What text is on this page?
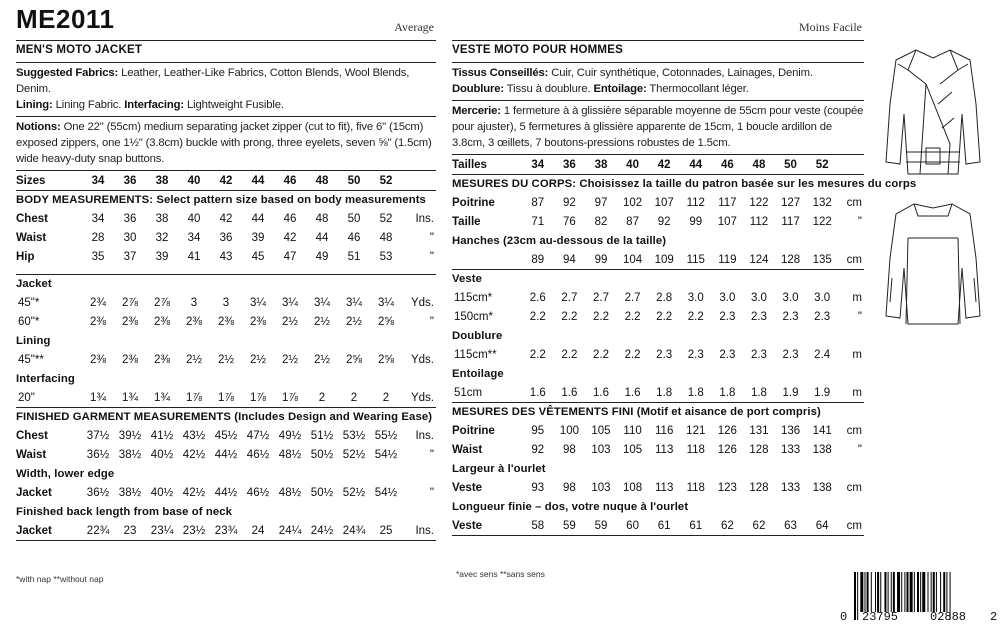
ME2011	Average
MEN'S MOTO JACKET
Suggested Fabrics: Leather, Leather-Like Fabrics, Cotton Blends, Wool Blends, Denim.
Lining: Lining Fabric. Interfacing: Lightweight Fusible.
Notions: One 22" (55cm) medium separating jacket zipper (cut to fit), five 6" (15cm) exposed zippers, one 1½" (3.8cm) buckle with prong, three eyelets, seven ⅝" (1.5cm) wide heavy-duty snap buttons.
Sizes	34	36	38	40	42	44	46	48	50	52	
BODY MEASUREMENTS: Select pattern size based on body measurements											
Chest	34	36	38	40	42	44	46	48	50	52	Ins.
Waist	28	30	32	34	36	39	42	44	46	48	"
Hip	35	37	39	41	43	45	47	49	51	53	"

Jacket											
45"*	2¾	2⅞	2⅞	3	3	3¼	3¼	3¼	3¼	3¼	Yds.
60"*	2⅜	2⅜	2⅜	2⅜	2⅜	2⅜	2½	2½	2½	2⅝	"
Lining											
45"**	2⅜	2⅜	2⅜	2½	2½	2½	2½	2½	2⅝	2⅝	Yds.
Interfacing											
20"	1¾	1¾	1¾	1⅞	1⅞	1⅞	1⅞	2	2	2	Yds.
FINISHED GARMENT MEASUREMENTS (Includes Design and Wearing Ease)											
Chest	37½	39½	41½	43½	45½	47½	49½	51½	53½	55½	Ins.
Waist	36½	38½	40½	42½	44½	46½	48½	50½	52½	54½	"
Width, lower edge											
Jacket	36½	38½	40½	42½	44½	46½	48½	50½	52½	54½	"
Finished back length from base of neck											
Jacket	22¾	23	23¼	23½	23¾	24	24¼	24½	24¾	25	Ins.
Moins Facile
VESTE MOTO POUR HOMMES
Tissus Conseillés: Cuir, Cuir synthétique, Cotonnades, Lainages, Denim. Doublure: Tissu à doublure. Entoilage: Thermocollant léger.
Mercerie: 1 fermeture à à glissière séparable moyenne de 55cm pour veste (coupée pour ajuster), 5 fermetures à glissière apparente de 15cm, 1 boucle ardillon de 3.8cm, 3 œillets, 7 boutons-pressions robustes de 1.5cm.
Tailles	34	36	38	40	42	44	46	48	50	52	
MESURES DU CORPS: Choisissez la taille du patron basée sur les mesures du corps											
Poitrine	87	92	97	102	107	112	117	122	127	132	cm
Taille	71	76	82	87	92	99	107	112	117	122	"
Hanches (23cm au-dessous de la taille)											
	89	94	99	104	109	115	119	124	128	135	cm
Veste											
115cm*	2.6	2.7	2.7	2.7	2.8	3.0	3.0	3.0	3.0	3.0	m
150cm*	2.2	2.2	2.2	2.2	2.2	2.2	2.3	2.3	2.3	2.3	"
Doublure											
115cm**	2.2	2.2	2.2	2.2	2.3	2.3	2.3	2.3	2.3	2.4	m
Entoilage											
51cm	1.6	1.6	1.6	1.6	1.8	1.8	1.8	1.8	1.9	1.9	m
MESURES DES VÊTEMENTS FINI (Motif et aisance de port compris)											
Poitrine	95	100	105	110	116	121	126	131	136	141	cm
Waist	92	98	103	105	113	118	126	128	133	138	"
Largeur à l'ourlet											
Veste	93	98	103	108	113	118	123	128	133	138	cm
Longueur finie – dos, votre nuque à l'ourlet											
Veste	58	59	59	60	61	61	62	62	63	64	cm
*with nap **without nap	*avec sens **sans sens
0 23795	02888 2
